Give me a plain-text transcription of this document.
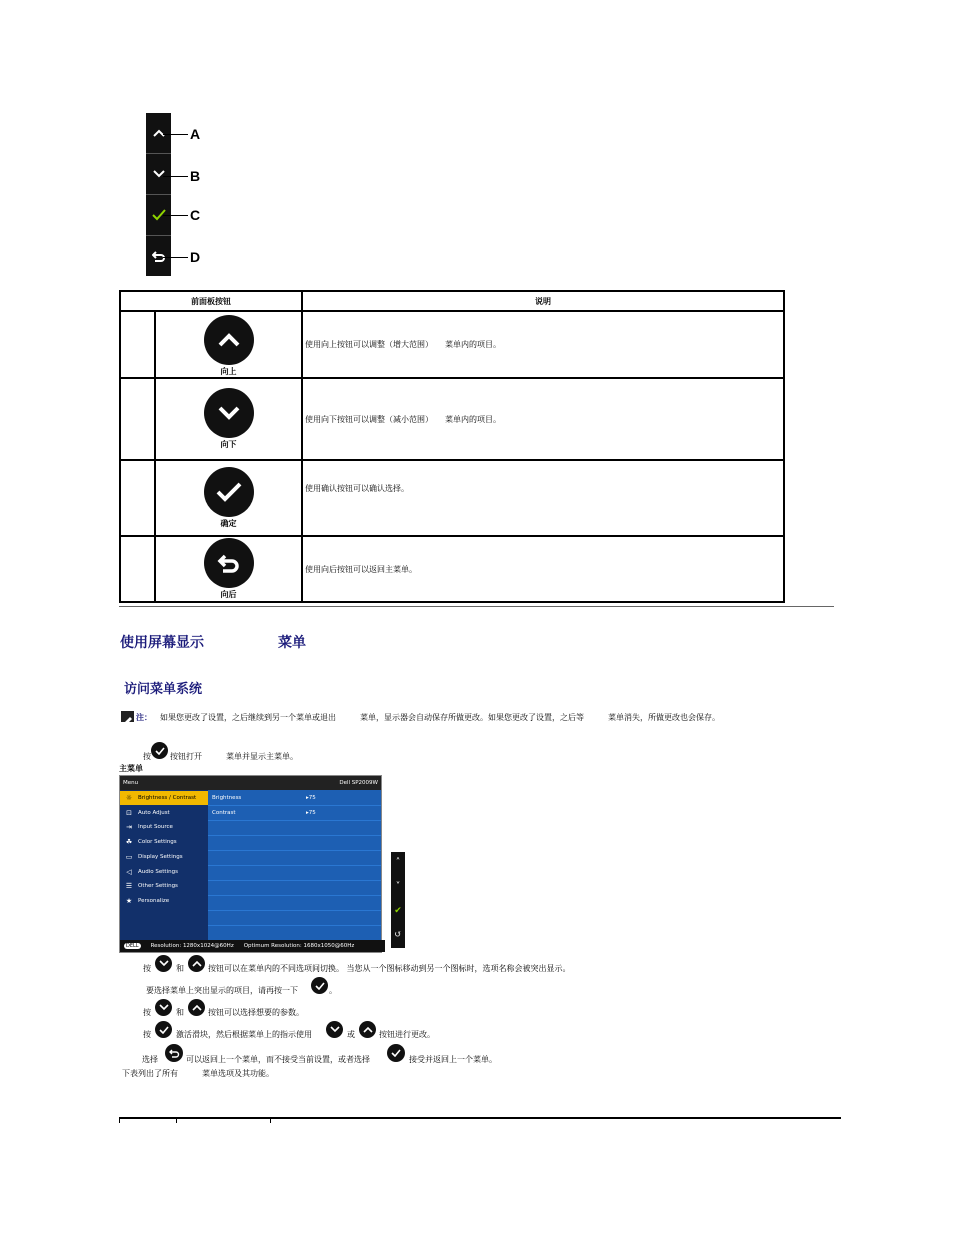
A
B
C
D
前面板按钮		说明

	向上	使用向上按钮可以调整（增大范围）　　菜单内的项目。

	向下	使用向下按钮可以调整（减小范围）　　菜单内的项目。

	确定	使用确认按钮可以确认选择。

	向后	使用向后按钮可以返回主菜单。
使用屏幕显示	菜单
访问菜单系统
注： 如果您更改了设置，之后继续到另一个菜单或退出　　　菜单，显示器会自动保存所做更改。如果您更改了设置，之后等　　　菜单消失，所做更改也会保存。
按 按钮打开　　　菜单并显示主菜单。
主菜单
Menu	Dell SP2009W
☼	Brightness / Contrast
⊡	Auto Adjust
⇥	Input Source
☘	Color Settings
▭	Display Settings
◁	Audio Settings
☰	Other Settings
★	Personalize
Brightness	▸ 75
Contrast	▸ 75
DELL	Resolution: 1280x1024@60Hz Optimum Resolution: 1680x1050@60Hz
˄
˅
✔
↺
按	和	按钮可以在菜单内的不同选项间切换。 当您从一个图标移动到另一个图标时，选项名称会被突出显示。
要选择菜单上突出显示的项目，请再按一下	。
按	和	按钮可以选择想要的参数。
按	激活滑块，然后根据菜单上的指示使用	或	按钮进行更改。
选择	可以返回上一个菜单，而不接受当前设置，或者选择	接受并返回上一个菜单。
下表列出了所有　　　菜单选项及其功能。
